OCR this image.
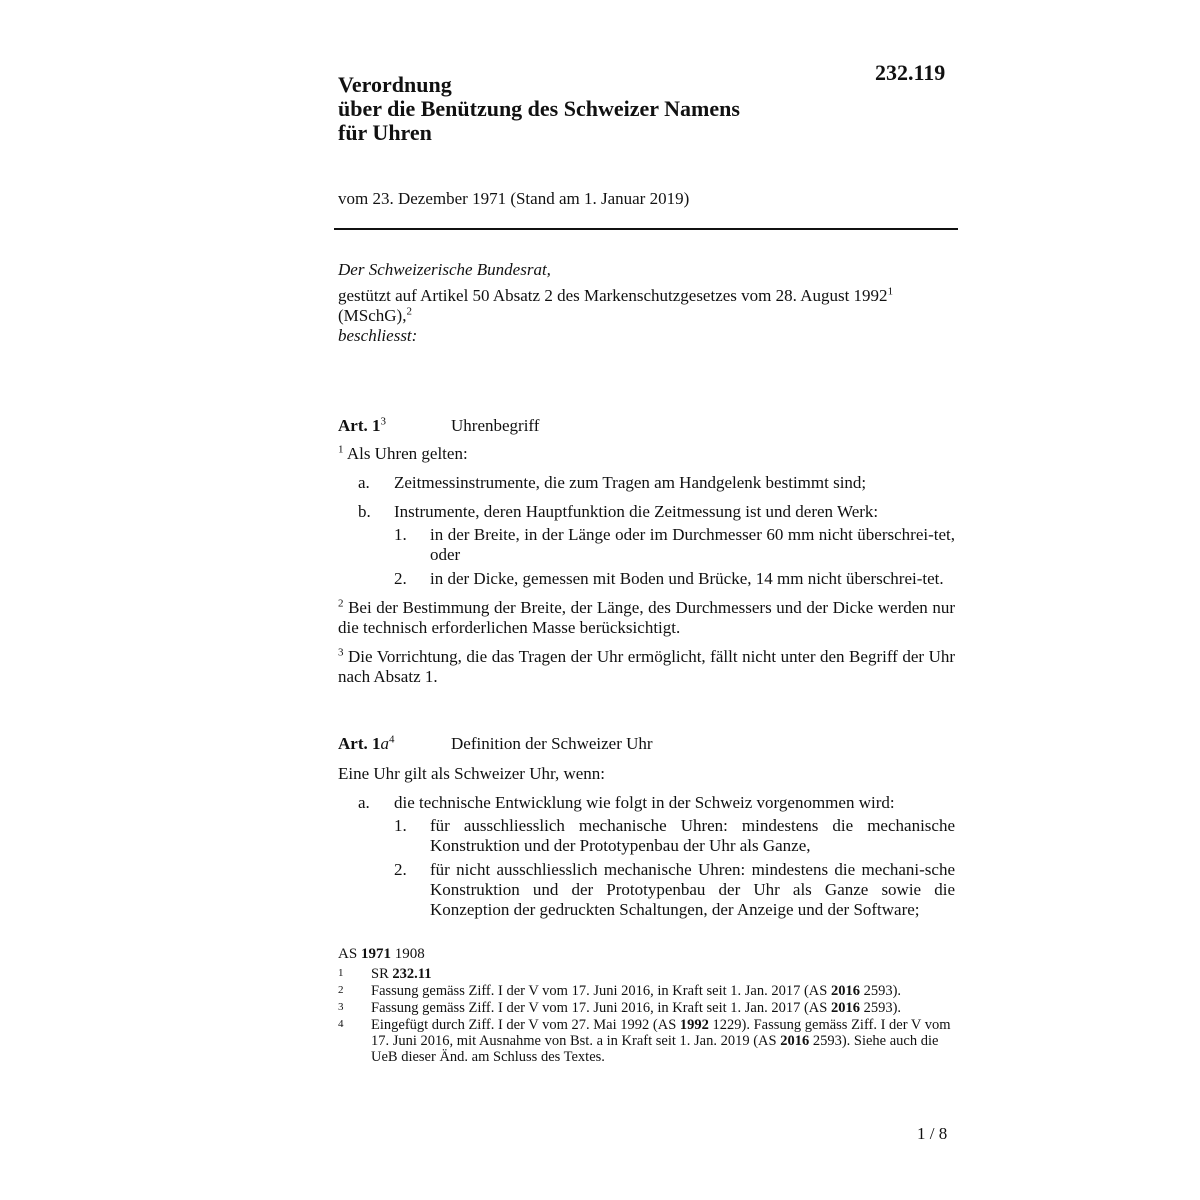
232.119
Verordnung
über die Benützung des Schweizer Namens
für Uhren
vom 23. Dezember 1971 (Stand am 1. Januar 2019)

Der Schweizerische Bundesrat,

gestützt auf Artikel 50 Absatz 2 des Markenschutzgesetzes vom 28. August 1992$^1$
(MSchG),$^2$

beschliesst:

Art. $1^3$	Uhrenbegriff

$^1$ Als Uhren gelten:

a. Zeitmessinstrumente, die zum Tragen am Handgelenk bestimmt sind;
b. Instrumente, deren Hauptfunktion die Zeitmessung ist und deren Werk:
1. in der Breite, in der Länge oder im Durchmesser 60 mm nicht überschrei-tet, oder
2. in der Dicke, gemessen mit Boden und Brücke, 14 mm nicht überschrei-tet.

$^2$ Bei der Bestimmung der Breite, der Länge, des Durchmessers und der Dicke werden nur die technisch erforderlichen Masse berücksichtigt.

$^3$ Die Vorrichtung, die das Tragen der Uhr ermöglicht, fällt nicht unter den Begriff der Uhr nach Absatz 1.

Art. $1a^4$	Definition der Schweizer Uhr

Eine Uhr gilt als Schweizer Uhr, wenn:

a. die technische Entwicklung wie folgt in der Schweiz vorgenommen wird:
1. für ausschliesslich mechanische Uhren: mindestens die mechanische Konstruktion und der Prototypenbau der Uhr als Ganze,
2. für nicht ausschliesslich mechanische Uhren: mindestens die mechani-sche Konstruktion und der Prototypenbau der Uhr als Ganze sowie die Konzeption der gedruckten Schaltungen, der Anzeige und der Software;
AS 1971 1908
1 SR 232.11
2 Fassung gemäss Ziff. I der V vom 17. Juni 2016, in Kraft seit 1. Jan. 2017 (AS 2016 2593).
3 Fassung gemäss Ziff. I der V vom 17. Juni 2016, in Kraft seit 1. Jan. 2017 (AS 2016 2593).
4 Eingefügt durch Ziff. I der V vom 27. Mai 1992 (AS 1992 1229). Fassung gemäss Ziff. I der V vom 17. Juni 2016, mit Ausnahme von Bst. a in Kraft seit 1. Jan. 2019 (AS 2016 2593). Siehe auch die UeB dieser Änd. am Schluss des Textes.
1 / 8
